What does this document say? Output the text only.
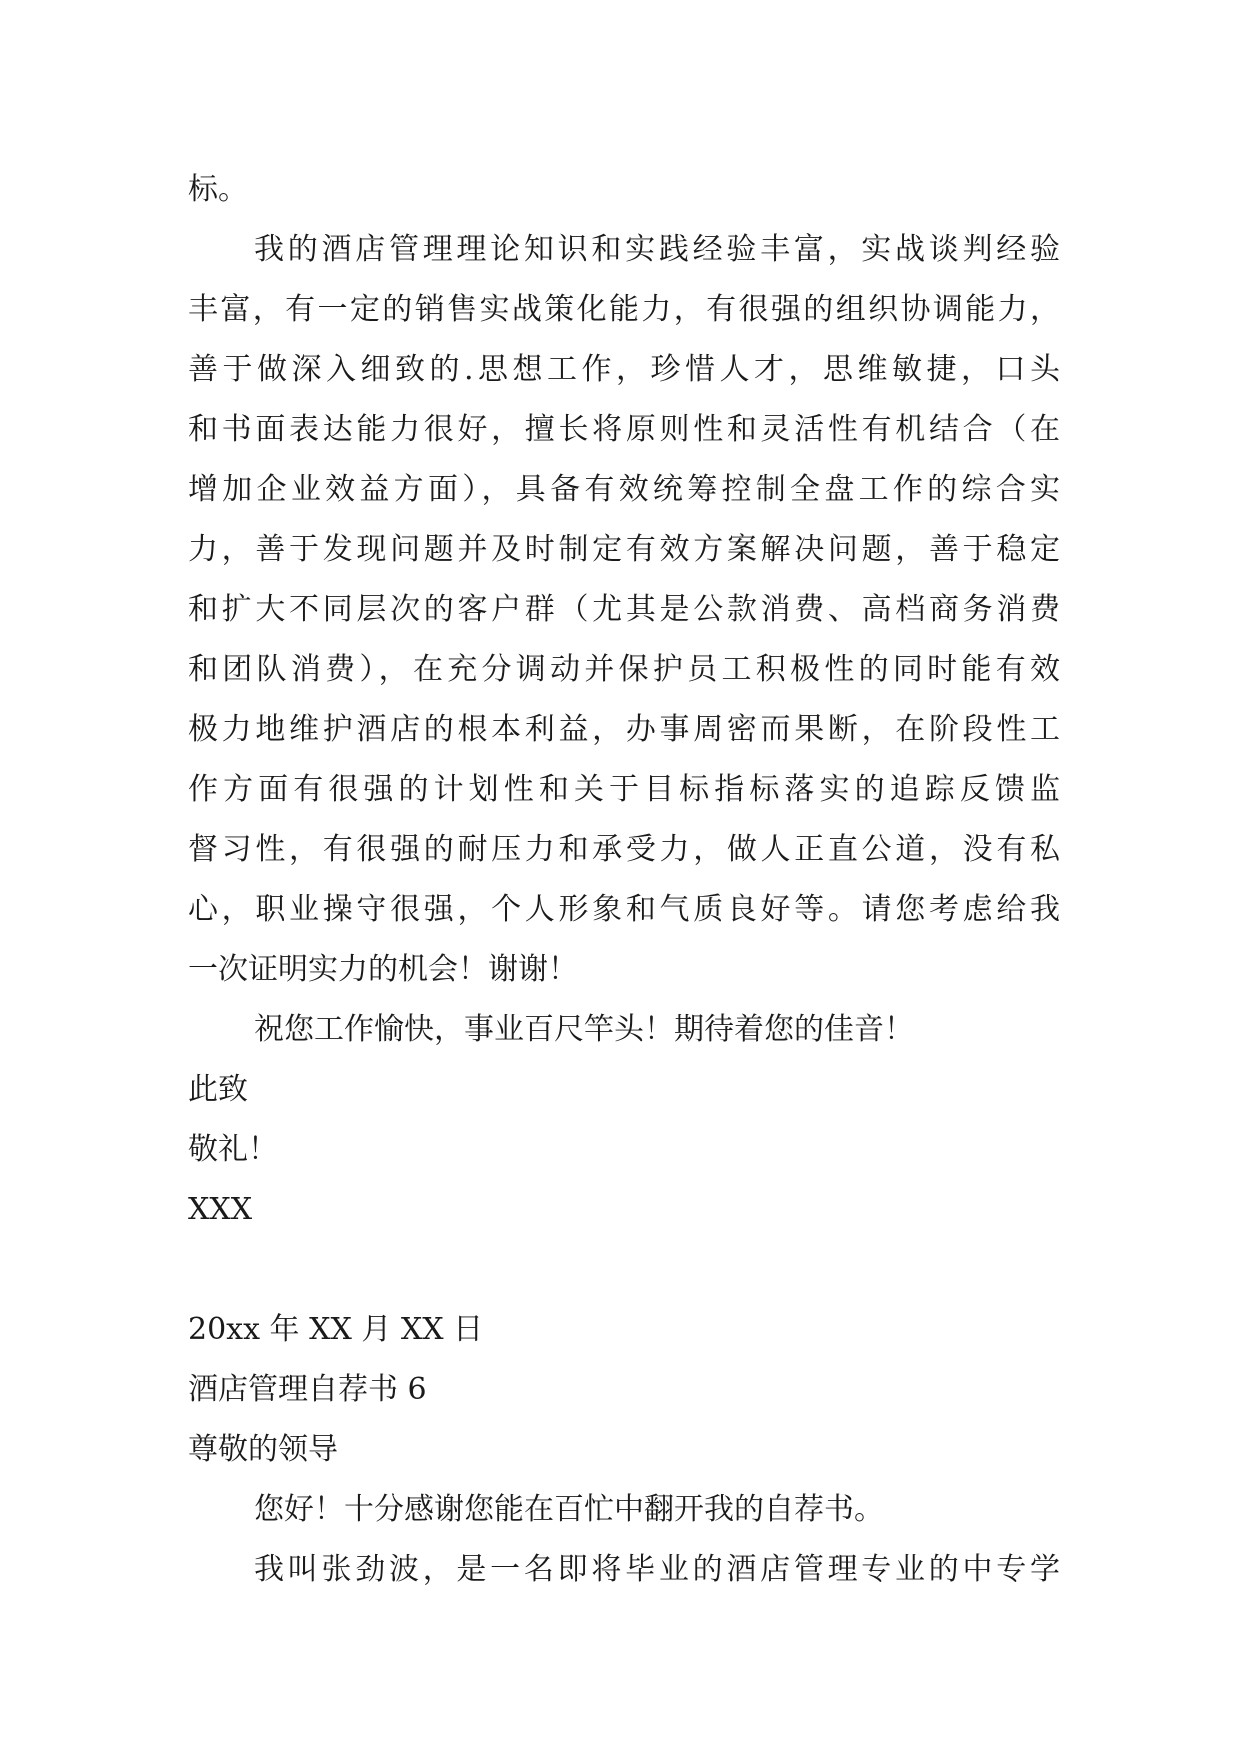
标。
我的酒店管理理论知识和实践经验丰富，实战谈判经验
丰富，有一定的销售实战策化能力，有很强的组织协调能力，
善于做深入细致的.思想工作，珍惜人才，思维敏捷，口头
和书面表达能力很好，擅长将原则性和灵活性有机结合（在
增加企业效益方面），具备有效统筹控制全盘工作的综合实
力，善于发现问题并及时制定有效方案解决问题，善于稳定
和扩大不同层次的客户群（尤其是公款消费、高档商务消费
和团队消费），在充分调动并保护员工积极性的同时能有效
极力地维护酒店的根本利益，办事周密而果断，在阶段性工
作方面有很强的计划性和关于目标指标落实的追踪反馈监
督习性，有很强的耐压力和承受力，做人正直公道，没有私
心，职业操守很强，个人形象和气质良好等。请您考虑给我
一次证明实力的机会！谢谢！
祝您工作愉快，事业百尺竿头！期待着您的佳音！
此致
敬礼！
XXX
20xx 年 XX 月 XX 日
酒店管理自荐书 6
尊敬的领导
您好！十分感谢您能在百忙中翻开我的自荐书。
我叫张劲波，是一名即将毕业的酒店管理专业的中专学
